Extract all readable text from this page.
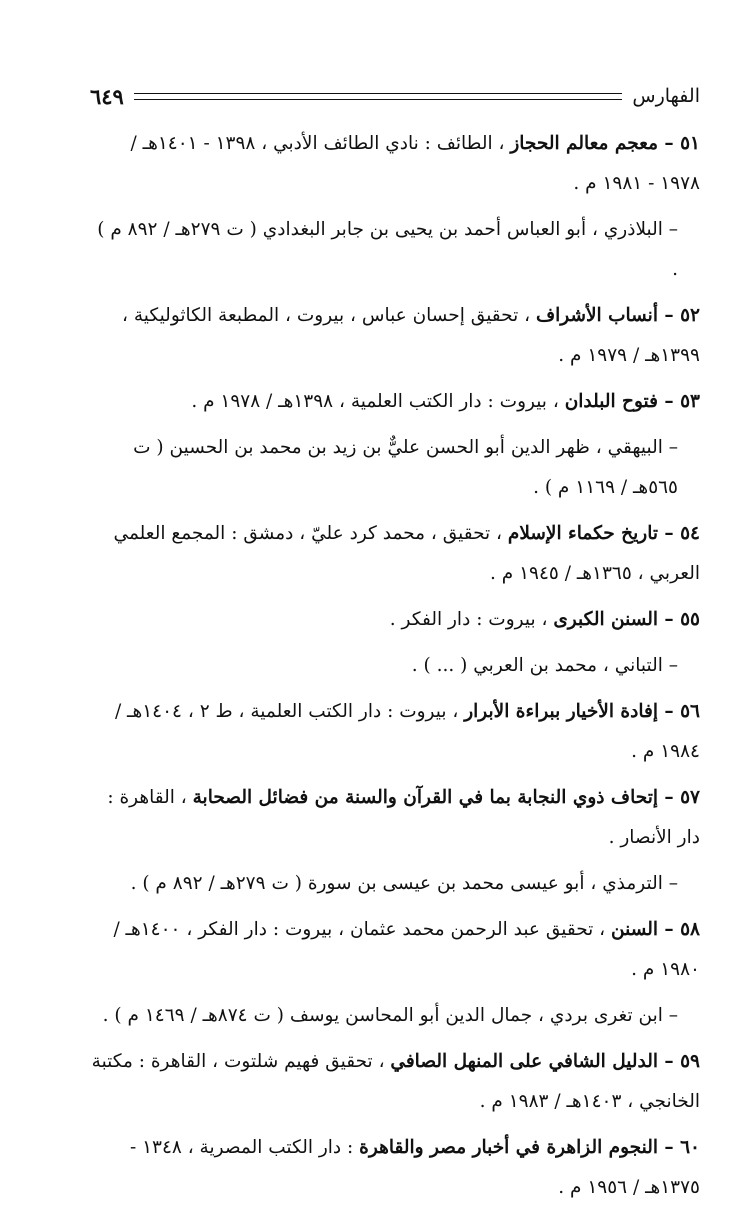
الفهارس
٦٤٩

٥١ – معجم معالم الحجاز ، الطائف : نادي الطائف الأدبي ، ١٣٩٨ - ١٤٠١هـ / ١٩٧٨ - ١٩٨١ م .

– البلاذري ، أبو العباس أحمد بن يحيى بن جابر البغدادي ( ت ٢٧٩هـ / ٨٩٢ م ) .

٥٢ – أنساب الأشراف ، تحقيق إحسان عباس ، بيروت ، المطبعة الكاثوليكية ، ١٣٩٩هـ / ١٩٧٩ م .

٥٣ – فتوح البلدان ، بيروت : دار الكتب العلمية ، ١٣٩٨هـ / ١٩٧٨ م .

– البيهقي ، ظهر الدين أبو الحسن عليٌّ بن زيد بن محمد بن الحسين ( ت ٥٦٥هـ / ١١٦٩ م ) .

٥٤ – تاريخ حكماء الإسلام ، تحقيق ، محمد كرد عليّ ، دمشق : المجمع العلمي العربي ، ١٣٦٥هـ / ١٩٤٥ م .

٥٥ – السنن الكبرى ، بيروت : دار الفكر .

– التباني ، محمد بن العربي ( ... ) .

٥٦ – إفادة الأخيار ببراءة الأبرار ، بيروت : دار الكتب العلمية ، ط ٢ ، ١٤٠٤هـ / ١٩٨٤ م .

٥٧ – إتحاف ذوي النجابة بما في القرآن والسنة من فضائل الصحابة ، القاهرة : دار الأنصار .

– الترمذي ، أبو عيسى محمد بن عيسى بن سورة ( ت ٢٧٩هـ / ٨٩٢ م ) .

٥٨ – السنن ، تحقيق عبد الرحمن محمد عثمان ، بيروت : دار الفكر ، ١٤٠٠هـ / ١٩٨٠ م .

– ابن تغرى بردي ، جمال الدين أبو المحاسن يوسف ( ت ٨٧٤هـ / ١٤٦٩ م ) .

٥٩ – الدليل الشافي على المنهل الصافي ، تحقيق فهيم شلتوت ، القاهرة : مكتبة الخانجي ، ١٤٠٣هـ / ١٩٨٣ م .

٦٠ – النجوم الزاهرة في أخبار مصر والقاهرة : دار الكتب المصرية ، ١٣٤٨ - ١٣٧٥هـ / ١٩٥٦ م .
